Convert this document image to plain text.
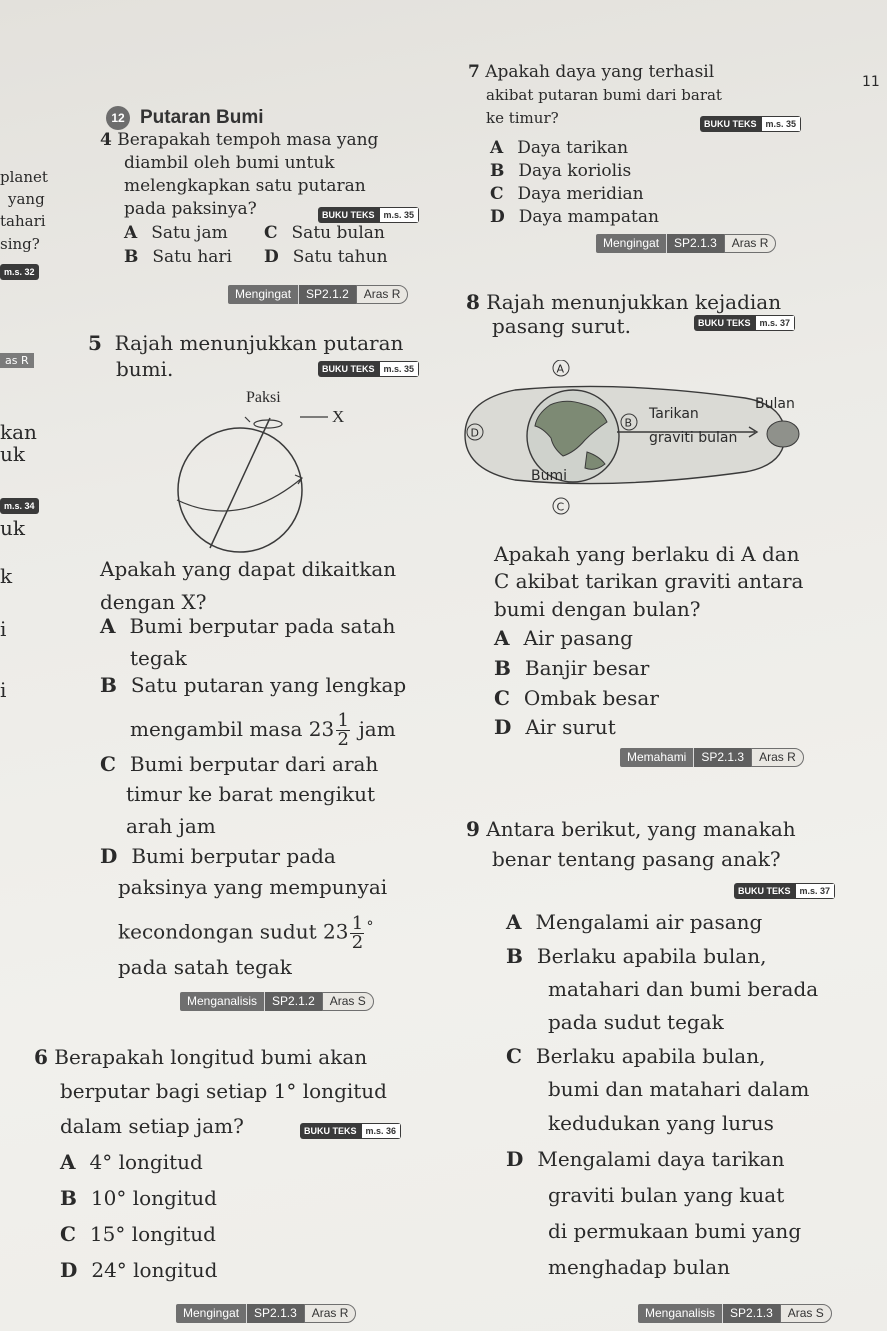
planet
yang
tahari
sing?
m.s. 32
as R
kan
uk
m.s. 34
uk
k
i
i
12 Putaran Bumi
11
4 Berapakah tempoh masa yang
diambil oleh bumi untuk
melengkapkan satu putaran
pada paksinya?	BUKU TEKS	m.s. 35
A Satu jam C Satu bulan
B Satu hari D Satu tahun
Mengingat	SP2.1.2	Aras R
5 Rajah menunjukkan putaran
bumi.	BUKU TEKS	m.s. 35
Paksi
X
Apakah yang dapat dikaitkan
dengan X?
A Bumi berputar pada satah
tegak
B Satu putaran yang lengkap
mengambil masa $23 \frac{1}{2}$ jam
C Bumi berputar dari arah
timur ke barat mengikut
arah jam
D Bumi berputar pada
paksinya yang mempunyai
kecondongan sudut $23 \frac{1}{2} ^\circ$
pada satah tegak
Menganalisis	SP2.1.2	Aras S
6 Berapakah longitud bumi akan
berputar bagi setiap 1° longitud
dalam setiap jam?	BUKU TEKS	m.s. 36
A 4° longitud
B 10° longitud
C 15° longitud
D 24° longitud
Mengingat	SP2.1.3	Aras R
7 Apakah daya yang terhasil
akibat putaran bumi dari barat
ke timur?	BUKU TEKS	m.s. 35
A Daya tarikan
B Daya koriolis
C Daya meridian
D Daya mampatan
Mengingat	SP2.1.3	Aras R
8 Rajah menunjukkan kejadian
pasang surut.	BUKU TEKS	m.s. 37
A
B
C
D
Bulan
Tarikan
graviti bulan
Bumi
Apakah yang berlaku di A dan
C akibat tarikan graviti antara
bumi dengan bulan?
A Air pasang
B Banjir besar
C Ombak besar
D Air surut
Memahami	SP2.1.3	Aras R
9 Antara berikut, yang manakah
benar tentang pasang anak?
BUKU TEKS	m.s. 37
A Mengalami air pasang
B Berlaku apabila bulan,
matahari dan bumi berada
pada sudut tegak
C Berlaku apabila bulan,
bumi dan matahari dalam
kedudukan yang lurus
D Mengalami daya tarikan
graviti bulan yang kuat
di permukaan bumi yang
menghadap bulan
Menganalisis	SP2.1.3	Aras S
